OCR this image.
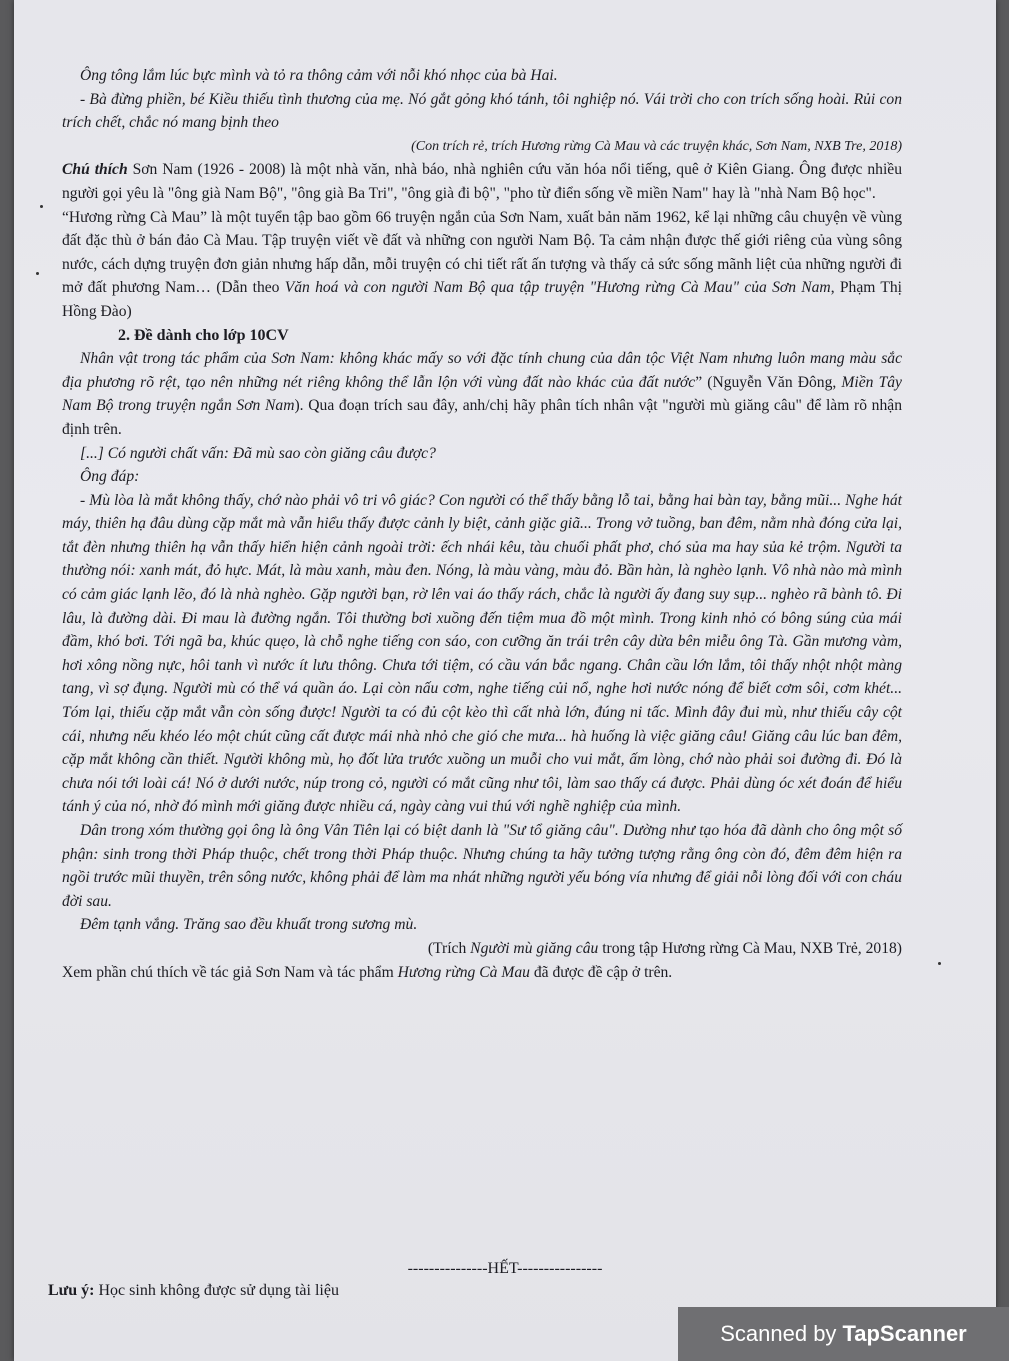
Ông tông lắm lúc bực mình và tỏ ra thông cảm với nỗi khó nhọc của bà Hai.

- Bà đừng phiền, bé Kiều thiếu tình thương của mẹ. Nó gắt gỏng khó tánh, tôi nghiệp nó. Vái trời cho con trích sống hoài. Rủi con trích chết, chắc nó mang bịnh theo

(Con trích rẻ, trích Hương rừng Cà Mau và các truyện khác, Sơn Nam, NXB Tre, 2018)

Chú thích Sơn Nam (1926 - 2008) là một nhà văn, nhà báo, nhà nghiên cứu văn hóa nổi tiếng, quê ở Kiên Giang. Ông được nhiều người gọi yêu là "ông già Nam Bộ", "ông già Ba Tri", "ông già đi bộ", "pho từ điển sống về miền Nam" hay là "nhà Nam Bộ học".

“Hương rừng Cà Mau” là một tuyển tập bao gồm 66 truyện ngắn của Sơn Nam, xuất bản năm 1962, kể lại những câu chuyện về vùng đất đặc thù ở bán đảo Cà Mau. Tập truyện viết về đất và những con người Nam Bộ. Ta cảm nhận được thế giới riêng của vùng sông nước, cách dựng truyện đơn giản nhưng hấp dẫn, mỗi truyện có chi tiết rất ấn tượng và thấy cả sức sống mãnh liệt của những người đi mở đất phương Nam… (Dẫn theo Văn hoá và con người Nam Bộ qua tập truyện "Hương rừng Cà Mau" của Sơn Nam, Phạm Thị Hồng Đào)

2. Đề dành cho lớp 10CV

Nhân vật trong tác phẩm của Sơn Nam: không khác mấy so với đặc tính chung của dân tộc Việt Nam nhưng luôn mang màu sắc địa phương rõ rệt, tạo nên những nét riêng không thể lẫn lộn với vùng đất nào khác của đất nước” (Nguyễn Văn Đông, Miền Tây Nam Bộ trong truyện ngắn Sơn Nam). Qua đoạn trích sau đây, anh/chị hãy phân tích nhân vật "người mù giăng câu" để làm rõ nhận định trên.

[...] Có người chất vấn: Đã mù sao còn giăng câu được?

Ông đáp:

- Mù lòa là mắt không thấy, chớ nào phải vô tri vô giác? Con người có thể thấy bằng lỗ tai, bằng hai bàn tay, bằng mũi... Nghe hát máy, thiên hạ đâu dùng cặp mắt mà vẫn hiểu thấy được cảnh ly biệt, cảnh giặc giã... Trong vở tuồng, ban đêm, nằm nhà đóng cửa lại, tắt đèn nhưng thiên hạ vẫn thấy hiển hiện cảnh ngoài trời: ếch nhái kêu, tàu chuối phất phơ, chó sủa ma hay sủa kẻ trộm. Người ta thường nói: xanh mát, đỏ hực. Mát, là màu xanh, màu đen. Nóng, là màu vàng, màu đỏ. Bần hàn, là nghèo lạnh. Vô nhà nào mà mình có cảm giác lạnh lẽo, đó là nhà nghèo. Gặp người bạn, rờ lên vai áo thấy rách, chắc là người ấy đang suy sụp... nghèo rã bành tô. Đi lâu, là đường dài. Đi mau là đường ngắn. Tôi thường bơi xuồng đến tiệm mua đồ một mình. Trong kinh nhỏ có bông súng của mái đầm, khó bơi. Tới ngã ba, khúc quẹo, là chỗ nghe tiếng con sáo, con cưỡng ăn trái trên cây dừa bên miễu ông Tà. Gần mương vàm, hơi xông nồng nực, hôi tanh vì nước ít lưu thông. Chưa tới tiệm, có cầu ván bắc ngang. Chân cầu lớn lắm, tôi thấy nhột nhột màng tang, vì sợ đụng. Người mù có thể vá quần áo. Lại còn nấu cơm, nghe tiếng củi nổ, nghe hơi nước nóng để biết cơm sôi, cơm khét... Tóm lại, thiếu cặp mắt vẫn còn sống được! Người ta có đủ cột kèo thì cất nhà lớn, đúng ni tấc. Mình đây đui mù, như thiếu cây cột cái, nhưng nếu khéo léo một chút cũng cất được mái nhà nhỏ che gió che mưa... hà huống là việc giăng câu! Giăng câu lúc ban đêm, cặp mắt không cần thiết. Người không mù, họ đốt lửa trước xuồng un muỗi cho vui mắt, ấm lòng, chớ nào phải soi đường đi. Đó là chưa nói tới loài cá! Nó ở dưới nước, núp trong cỏ, người có mắt cũng như tôi, làm sao thấy cá được. Phải dùng óc xét đoán để hiểu tánh ý của nó, nhờ đó mình mới giăng được nhiều cá, ngày càng vui thú với nghề nghiệp của mình.

Dân trong xóm thường gọi ông là ông Vân Tiên lại có biệt danh là "Sư tổ giăng câu". Dường như tạo hóa đã dành cho ông một số phận: sinh trong thời Pháp thuộc, chết trong thời Pháp thuộc. Nhưng chúng ta hãy tưởng tượng rằng ông còn đó, đêm đêm hiện ra ngồi trước mũi thuyền, trên sông nước, không phải để làm ma nhát những người yếu bóng vía nhưng để giải nỗi lòng đối với con cháu đời sau.

Đêm tạnh vắng. Trăng sao đều khuất trong sương mù.

(Trích Người mù giăng câu trong tập Hương rừng Cà Mau, NXB Trẻ, 2018)

Xem phần chú thích về tác giả Sơn Nam và tác phẩm Hương rừng Cà Mau đã được đề cập ở trên.

---------------HẾT----------------
Lưu ý: Học sinh không được sử dụng tài liệu
Scanned by TapScanner
